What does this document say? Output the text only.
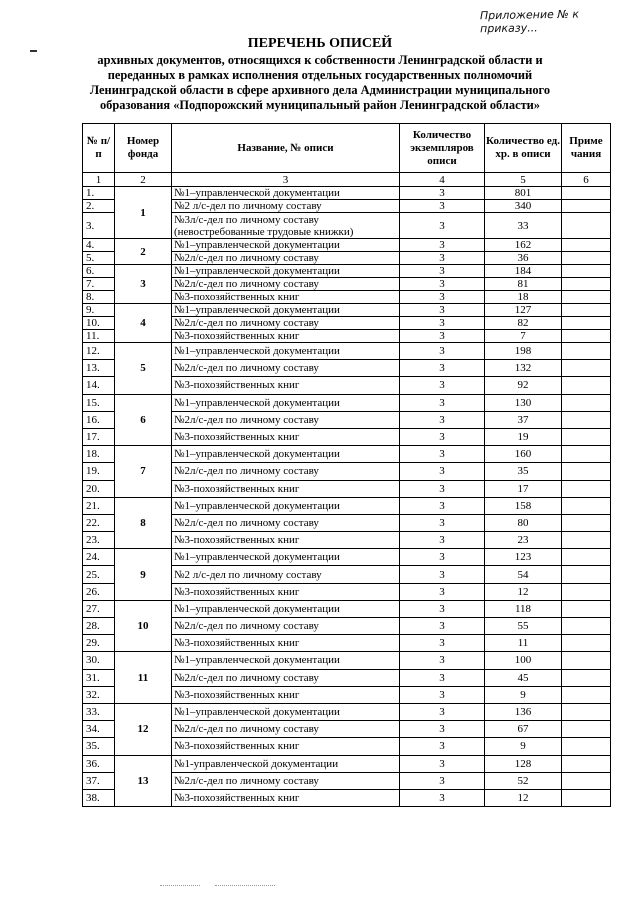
Приложение № к приказу...
ПЕРЕЧЕНЬ ОПИСЕЙ
архивных документов, относящихся к собственности Ленинградской области и переданных в рамках исполнения отдельных государственных полномочий Ленинградской области в сфере архивного дела Администрации муниципального образования «Подпорожский муниципальный район Ленинградской области»
№ п/п	Номер фонда	Название, № описи	Количество экземпляров описи	Количество ед. хр. в описи	Приме чания
1	2	3	4	5	6
1.	1	№1–управленческой документации	3	801	
2.		№2 л/с-дел по личному составу	3	340	
3.		№3л/с-дел по личному составу (невостребованные трудовые книжки)	3	33	
4.	2	№1–управленческой документации	3	162	
5.		№2л/с-дел по личному составу	3	36	
6.	3	№1–управленческой документации	3	184	
7.		№2л/с-дел по личному составу	3	81	
8.		№3-похозяйственных книг	3	18	
9.	4	№1–управленческой документации	3	127	
10.		№2л/с-дел по личному составу	3	82	
11.		№3-похозяйственных книг	3	7	
12.	5	№1–управленческой документации	3	198	
13.		№2л/с-дел по личному составу	3	132	
14.		№3-похозяйственных книг	3	92	
15.	6	№1–управленческой документации	3	130	
16.		№2л/с-дел по личному составу	3	37	
17.		№3-похозяйственных книг	3	19	
18.	7	№1–управленческой документации	3	160	
19.		№2л/с-дел по личному составу	3	35	
20.		№3-похозяйственных книг	3	17	
21.	8	№1–управленческой документации	3	158	
22.		№2л/с-дел по личному составу	3	80	
23.		№3-похозяйственных книг	3	23	
24.	9	№1–управленческой документации	3	123	
25.		№2 л/с-дел по личному составу	3	54	
26.		№3-похозяйственных книг	3	12	
27.	10	№1–управленческой документации	3	118	
28.		№2л/с-дел по личному составу	3	55	
29.		№3-похозяйственных книг	3	11	
30.	11	№1–управленческой документации	3	100	
31.		№2л/с-дел по личному составу	3	45	
32.		№3-похозяйственных книг	3	9	
33.	12	№1–управленческой документации	3	136	
34.		№2л/с-дел по личному составу	3	67	
35.		№3-похозяйственных книг	3	9	
36.	13	№1-управленческой документации	3	128	
37.		№2л/с-дел по личному составу	3	52	
38.		№3-похозяйственных книг	3	12	
